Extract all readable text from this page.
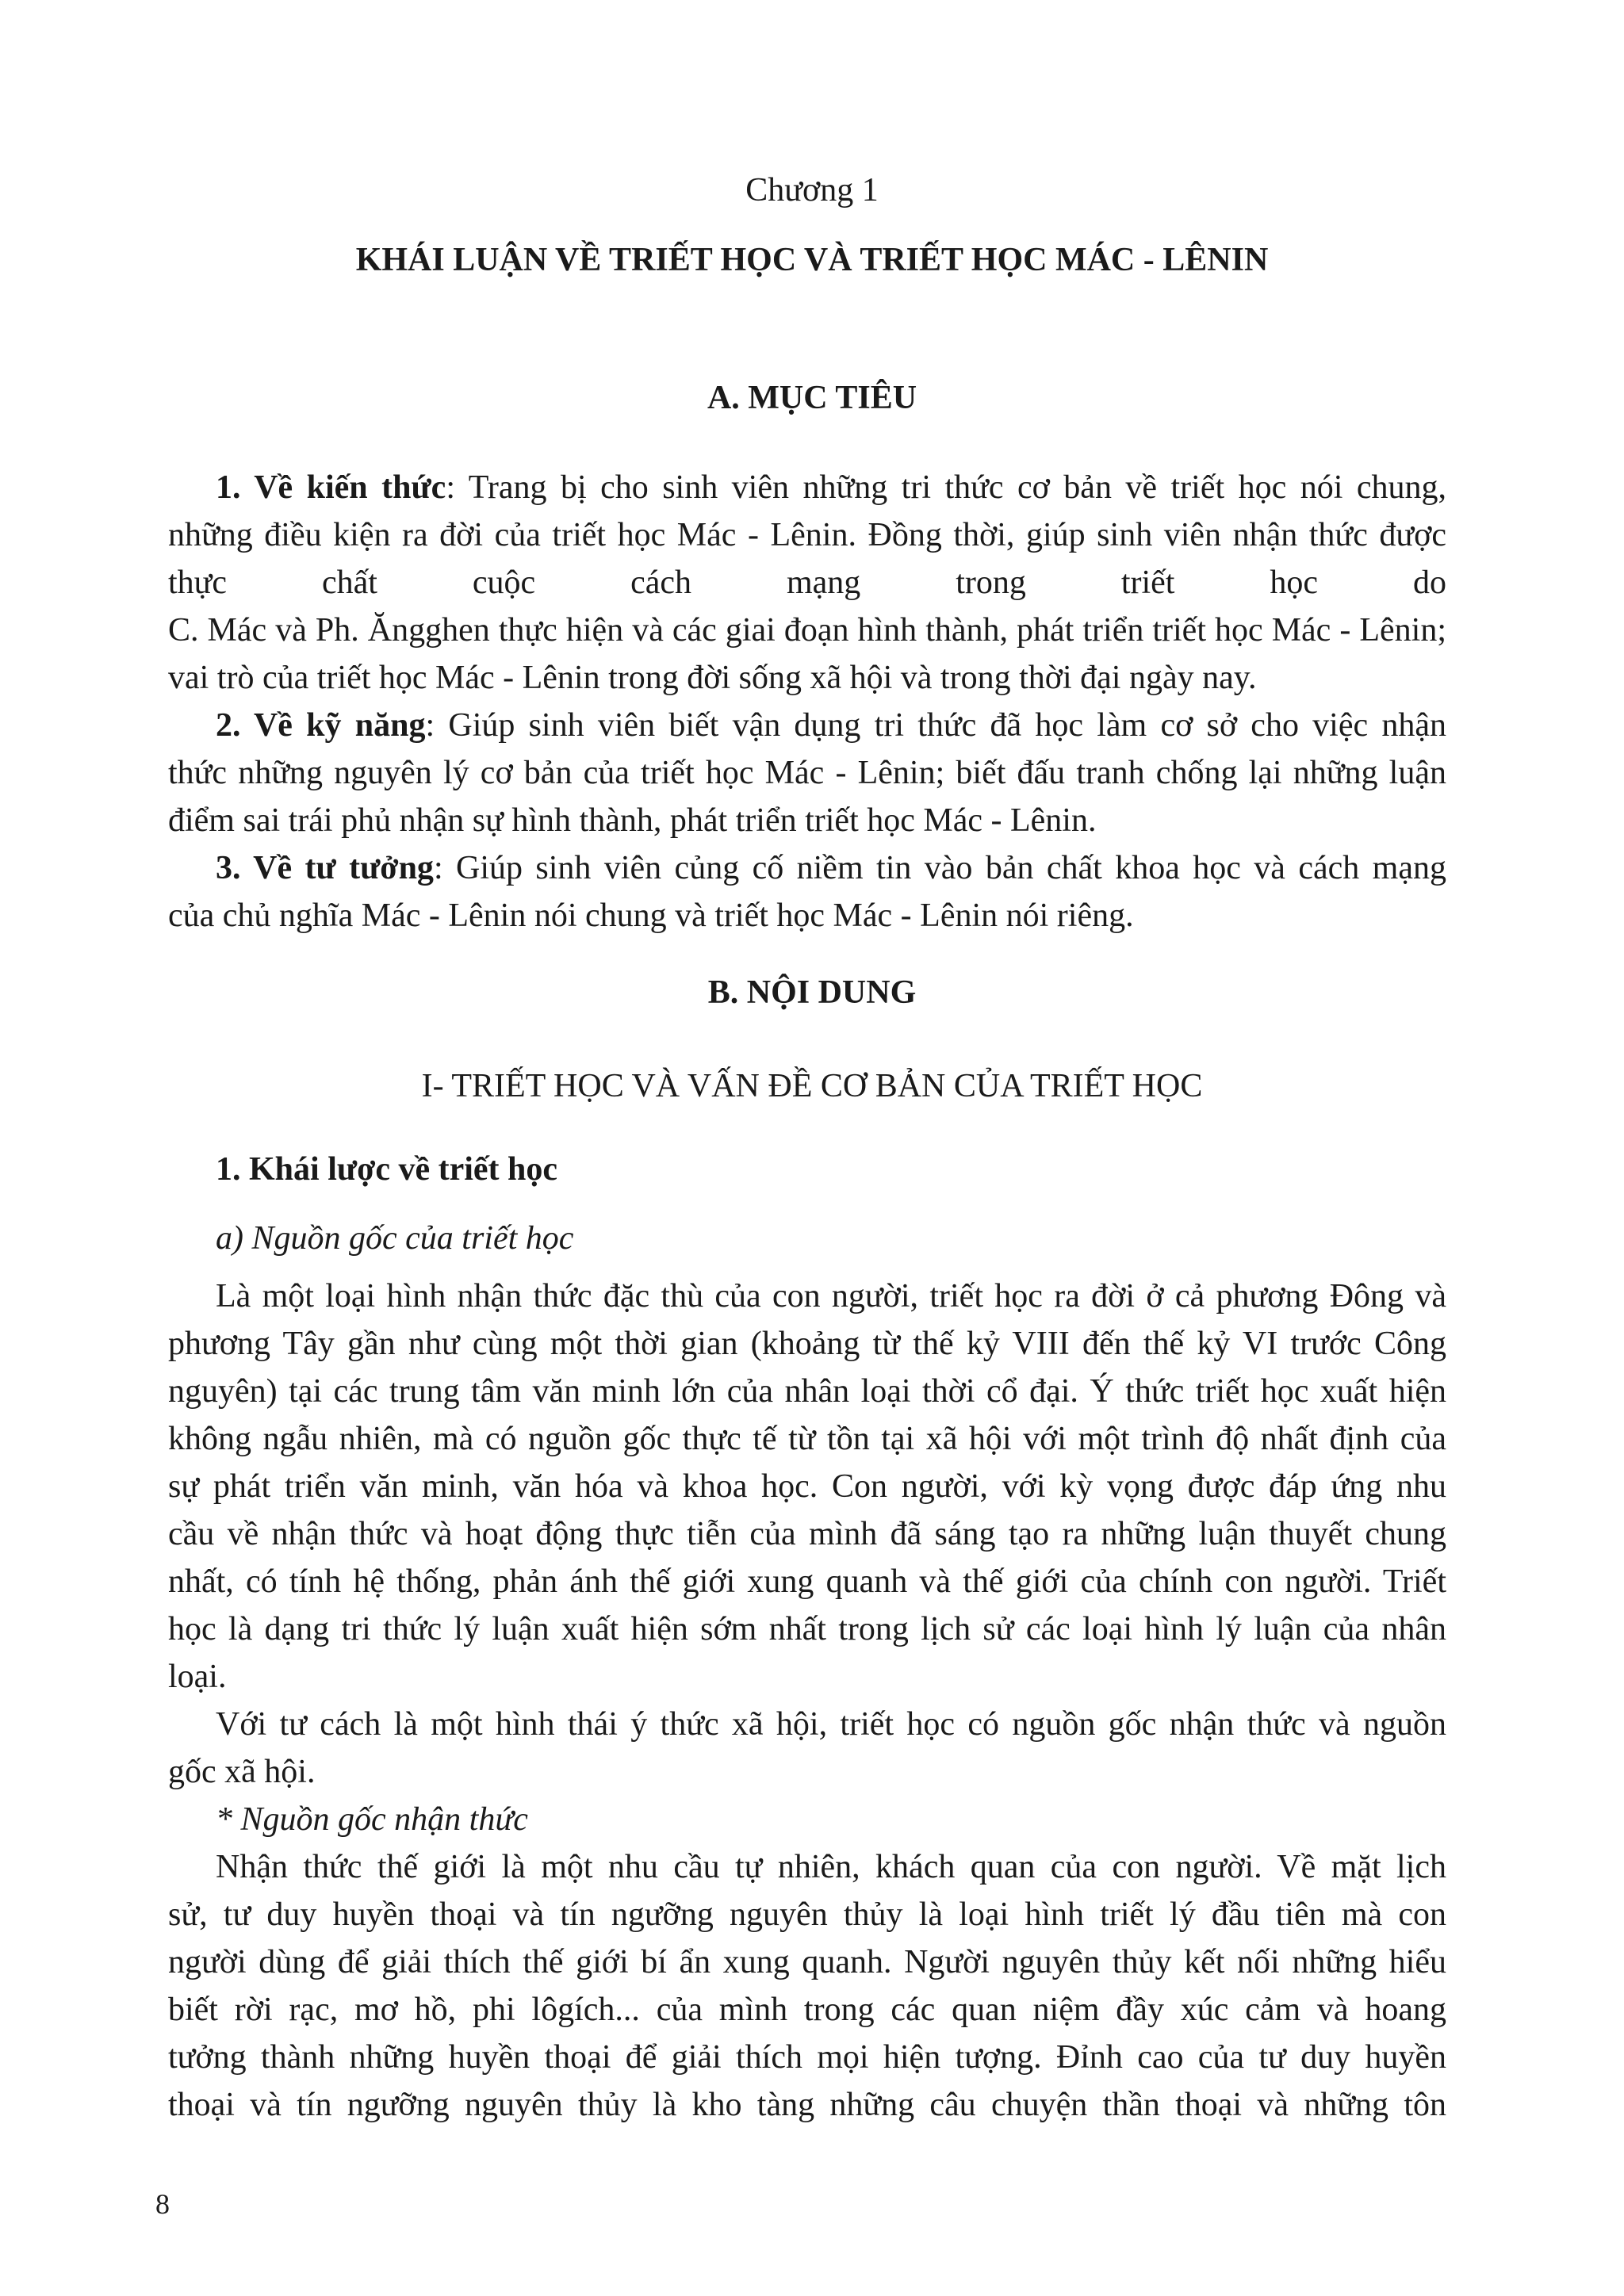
Chương 1
KHÁI LUẬN VỀ TRIẾT HỌC VÀ TRIẾT HỌC MÁC - LÊNIN
A. MỤC TIÊU
1. Về kiến thức: Trang bị cho sinh viên những tri thức cơ bản về triết học nói chung,
những điều kiện ra đời của triết học Mác - Lênin. Đồng thời, giúp sinh viên nhận thức được
thực chất cuộc cách mạng trong triết học do
C. Mác và Ph. Ăngghen thực hiện và các giai đoạn hình thành, phát triển triết học Mác - Lênin;
vai trò của triết học Mác - Lênin trong đời sống xã hội và trong thời đại ngày nay.
2. Về kỹ năng: Giúp sinh viên biết vận dụng tri thức đã học làm cơ sở cho việc nhận
thức những nguyên lý cơ bản của triết học Mác - Lênin; biết đấu tranh chống lại những luận
điểm sai trái phủ nhận sự hình thành, phát triển triết học Mác - Lênin.
3. Về tư tưởng: Giúp sinh viên củng cố niềm tin vào bản chất khoa học và cách mạng
của chủ nghĩa Mác - Lênin nói chung và triết học Mác - Lênin nói riêng.
B. NỘI DUNG
I- TRIẾT HỌC VÀ VẤN ĐỀ CƠ BẢN CỦA TRIẾT HỌC
1. Khái lược về triết học
a) Nguồn gốc của triết học
Là một loại hình nhận thức đặc thù của con người, triết học ra đời ở cả phương Đông và
phương Tây gần như cùng một thời gian (khoảng từ thế kỷ VIII đến thế kỷ VI trước Công
nguyên) tại các trung tâm văn minh lớn của nhân loại thời cổ đại. Ý thức triết học xuất hiện
không ngẫu nhiên, mà có nguồn gốc thực tế từ tồn tại xã hội với một trình độ nhất định của
sự phát triển văn minh, văn hóa và khoa học. Con người, với kỳ vọng được đáp ứng nhu
cầu về nhận thức và hoạt động thực tiễn của mình đã sáng tạo ra những luận thuyết chung
nhất, có tính hệ thống, phản ánh thế giới xung quanh và thế giới của chính con người. Triết
học là dạng tri thức lý luận xuất hiện sớm nhất trong lịch sử các loại hình lý luận của nhân
loại.
Với tư cách là một hình thái ý thức xã hội, triết học có nguồn gốc nhận thức và nguồn
gốc xã hội.
* Nguồn gốc nhận thức
Nhận thức thế giới là một nhu cầu tự nhiên, khách quan của con người. Về mặt lịch
sử, tư duy huyền thoại và tín ngưỡng nguyên thủy là loại hình triết lý đầu tiên mà con
người dùng để giải thích thế giới bí ẩn xung quanh. Người nguyên thủy kết nối những hiểu
biết rời rạc, mơ hồ, phi lôgích... của mình trong các quan niệm đầy xúc cảm và hoang
tưởng thành những huyền thoại để giải thích mọi hiện tượng. Đỉnh cao của tư duy huyền
thoại và tín ngưỡng nguyên thủy là kho tàng những câu chuyện thần thoại và những tôn
8
